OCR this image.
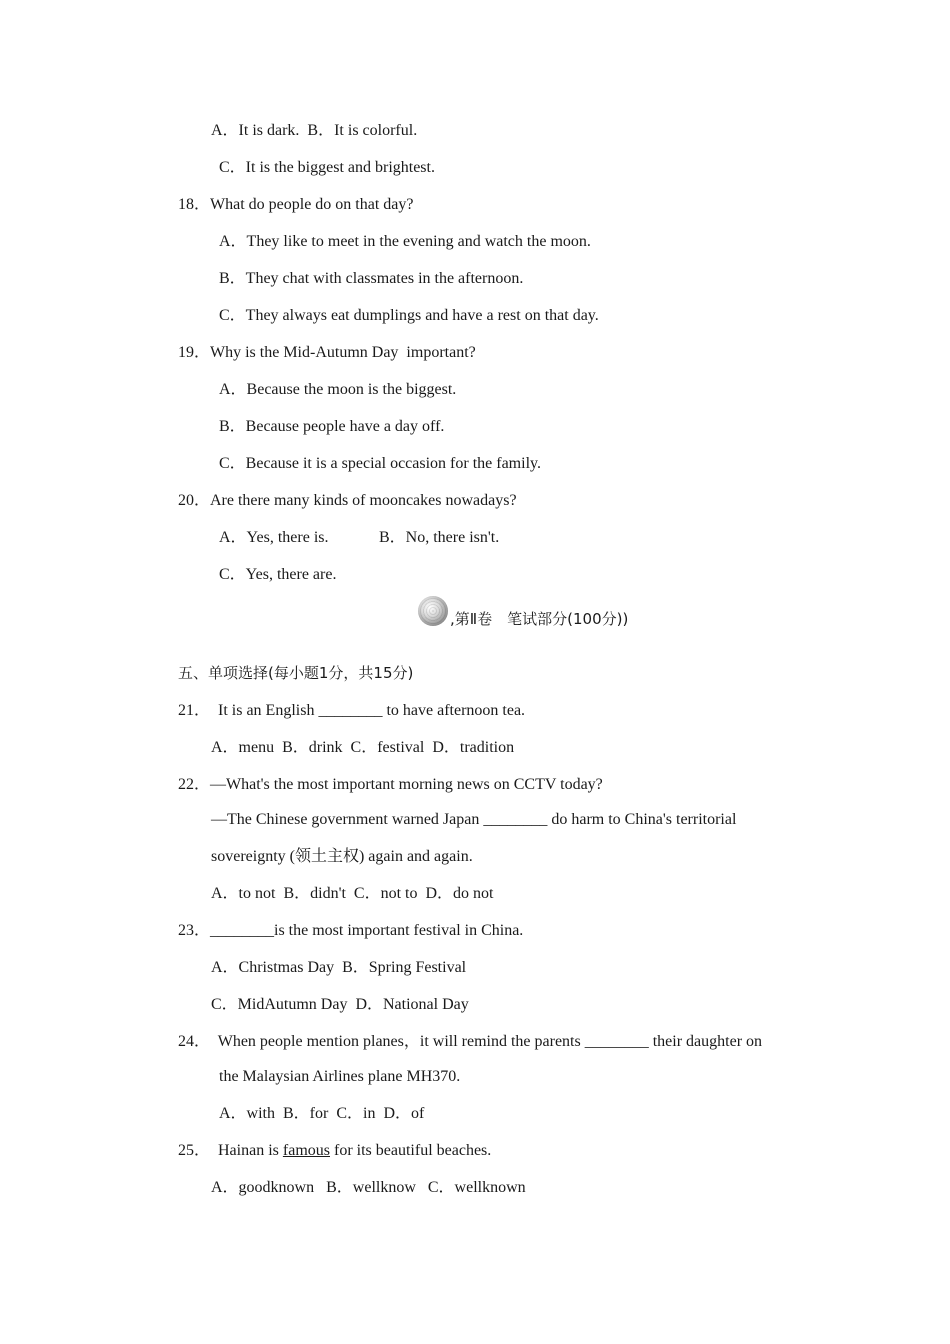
A．It is dark.  B．It is colorful.
C．It is the biggest and brightest.
18．What do people do on that day?
A．They like to meet in the evening and watch the moon.
B．They chat with classmates in the afternoon.
C．They always eat dumplings and have a rest on that day.
19．Why is the Mid-Autumn Day  important?
A．Because the moon is the biggest.
B．Because people have a day off.
C．Because it is a special occasion for the family.
20．Are there many kinds of mooncakes nowadays?
A．Yes, there is.	B．No, there isn't.
C．Yes, there are.
,第Ⅱ卷　笔试部分(100分))
五、单项选择(每小题1分，共15分)
21．  It is an English ________ to have afternoon tea.
A．menu  B．drink  C．festival  D．tradition
22．—What's the most important morning news on CCTV today?
—The Chinese government warned Japan ________ do harm to China's territorial
sovereignty (领土主权) again and again.
A．to not  B．didn't  C．not to  D．do not
23．________is the most important festival in China.
A．Christmas Day  B．Spring Festival
C．MidAutumn Day  D．National Day
24．  When people mention planes，it will remind the parents ________ their daughter on
the Malaysian Airlines plane MH370.
A．with  B．for  C．in  D．of
25．  Hainan is famous for its beautiful beaches.
A．goodknown   B．wellknow   C．wellknown
